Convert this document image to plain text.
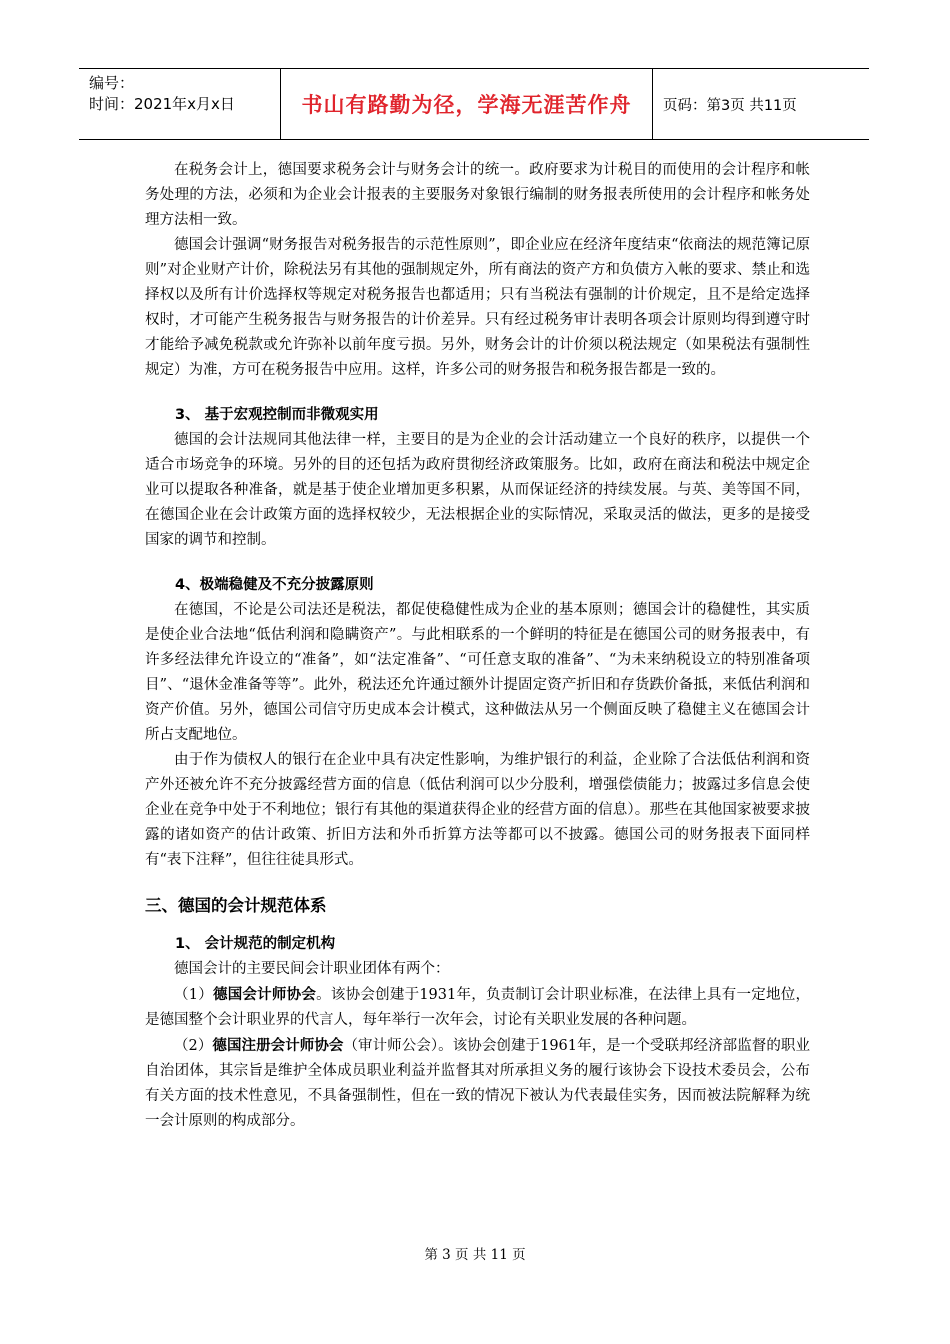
编号：
时间：2021年x月x日	书山有路勤为径，学海无涯苦作舟 页码：第3页 共11页

在税务会计上，德国要求税务会计与财务会计的统一。政府要求为计税目的而使用的会计程序和帐务处理的方法，必须和为企业会计报表的主要服务对象银行编制的财务报表所使用的会计程序和帐务处理方法相一致。

德国会计强调“财务报告对税务报告的示范性原则”，即企业应在经济年度结束“依商法的规范簿记原则”对企业财产计价，除税法另有其他的强制规定外，所有商法的资产方和负债方入帐的要求、禁止和选择权以及所有计价选择权等规定对税务报告也都适用；只有当税法有强制的计价规定，且不是给定选择权时，才可能产生税务报告与财务报告的计价差异。只有经过税务审计表明各项会计原则均得到遵守时才能给予减免税款或允许弥补以前年度亏损。另外，财务会计的计价须以税法规定（如果税法有强制性规定）为准，方可在税务报告中应用。这样，许多公司的财务报告和税务报告都是一致的。

3、 基于宏观控制而非微观实用

德国的会计法规同其他法律一样，主要目的是为企业的会计活动建立一个良好的秩序，以提供一个适合市场竞争的环境。另外的目的还包括为政府贯彻经济政策服务。比如，政府在商法和税法中规定企业可以提取各种准备，就是基于使企业增加更多积累，从而保证经济的持续发展。与英、美等国不同，在德国企业在会计政策方面的选择权较少，无法根据企业的实际情况，采取灵活的做法，更多的是接受国家的调节和控制。

4、极端稳健及不充分披露原则

在德国，不论是公司法还是税法，都促使稳健性成为企业的基本原则；德国会计的稳健性，其实质是使企业合法地“低估利润和隐瞒资产”。与此相联系的一个鲜明的特征是在德国公司的财务报表中，有许多经法律允许设立的“准备”，如“法定准备”、“可任意支取的准备”、“为未来纳税设立的特别准备项目”、“退休金准备等等”。此外，税法还允许通过额外计提固定资产折旧和存货跌价备抵，来低估利润和资产价值。另外，德国公司信守历史成本会计模式，这种做法从另一个侧面反映了稳健主义在德国会计所占支配地位。

由于作为债权人的银行在企业中具有决定性影响，为维护银行的利益，企业除了合法低估利润和资产外还被允许不充分披露经营方面的信息（低估利润可以少分股利，增强偿债能力；披露过多信息会使企业在竞争中处于不利地位；银行有其他的渠道获得企业的经营方面的信息）。那些在其他国家被要求披露的诸如资产的估计政策、折旧方法和外币折算方法等都可以不披露。德国公司的财务报表下面同样有“表下注释”，但往往徒具形式。

三、德国的会计规范体系
1、 会计规范的制定机构

德国会计的主要民间会计职业团体有两个：

（1）德国会计师协会。该协会创建于1931年，负责制订会计职业标准，在法律上具有一定地位，是德国整个会计职业界的代言人，每年举行一次年会，讨论有关职业发展的各种问题。

（2）德国注册会计师协会（审计师公会）。该协会创建于1961年，是一个受联邦经济部监督的职业自治团体，其宗旨是维护全体成员职业利益并监督其对所承担义务的履行该协会下设技术委员会，公布有关方面的技术性意见，不具备强制性，但在一致的情况下被认为代表最佳实务，因而被法院解释为统一会计原则的构成部分。

第 3 页 共 11 页
